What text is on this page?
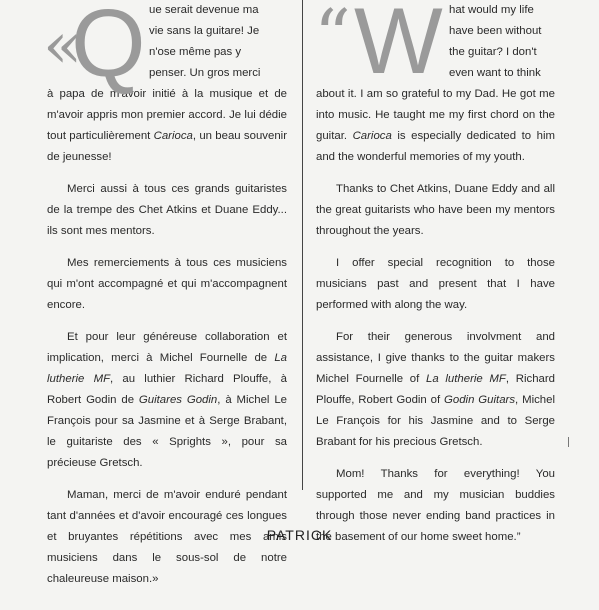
«
Q ue serait devenue ma
vie sans la guitare! Je
n'ose même pas y
penser. Un gros merci

à papa de m'avoir initié à la musique et de m'avoir appris mon premier accord. Je lui dédie tout particulièrement Carioca, un beau souvenir de jeunesse!

Merci aussi à tous ces grands guitaristes de la trempe des Chet Atkins et Duane Eddy... ils sont mes mentors.

Mes remerciements à tous ces musiciens qui m'ont accompagné et qui m'accompagnent encore.

Et pour leur généreuse collaboration et implication, merci à Michel Fournelle de La lutherie MF, au luthier Richard Plouffe, à Robert Godin de Guitares Godin, à Michel Le François pour sa Jasmine et à Serge Brabant, le guitariste des « Sprights », pour sa précieuse Gretsch.

Maman, merci de m'avoir enduré pendant tant d'années et d'avoir encouragé ces longues et bruyantes répétitions avec mes amis musiciens dans le sous-sol de notre chaleureuse maison.»

“ W hat would my life
have been without
the guitar? I don't
even want to think

about it. I am so grateful to my Dad. He got me into music. He taught me my first chord on the guitar. Carioca is especially dedicated to him and the wonderful memories of my youth.

Thanks to Chet Atkins, Duane Eddy and all the great guitarists who have been my mentors throughout the years.

I offer special recognition to those musicians past and present that I have performed with along the way.

For their generous involvment and assistance, I give thanks to the guitar makers Michel Fournelle of La lutherie MF, Richard Plouffe, Robert Godin of Godin Guitars, Michel Le François for his Jasmine and to Serge Brabant for his precious Gretsch.

Mom! Thanks for everything! You supported me and my musician buddies through those never ending band practices in the basement of our home sweet home.”

PATRICK
